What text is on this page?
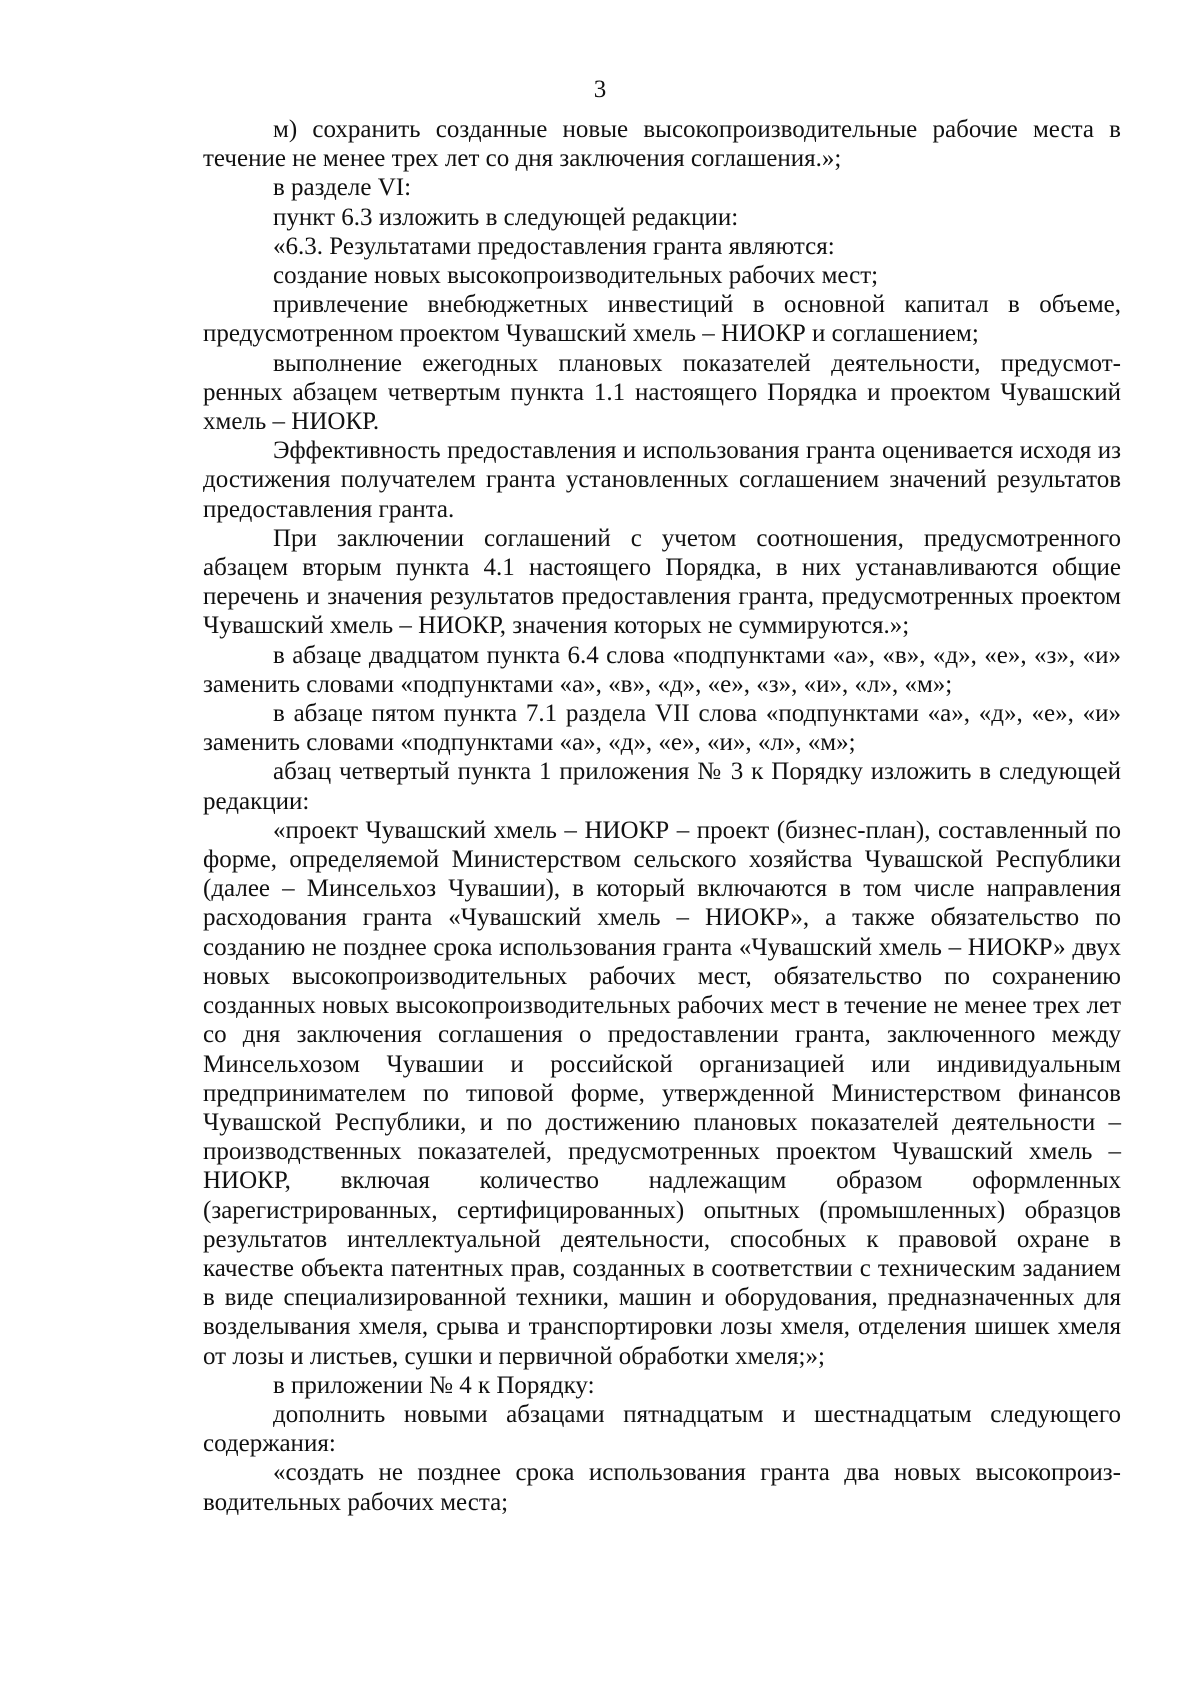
3

м) сохранить созданные новые высокопроизводительные рабочие места в течение не менее трех лет со дня заключения соглашения.»;

в разделе VI:

пункт 6.3 изложить в следующей редакции:

«6.3. Результатами предоставления гранта являются:

создание новых высокопроизводительных рабочих мест;

привлечение внебюджетных инвестиций в основной капитал в объеме, предусмотренном проектом Чувашский хмель – НИОКР и соглашением;

выполнение ежегодных плановых показателей деятельности, предусмотренных абзацем четвертым пункта 1.1 настоящего Порядка и проектом Чувашский хмель – НИОКР.

Эффективность предоставления и использования гранта оценивается исходя из достижения получателем гранта установленных соглашением значений результатов предоставления гранта.

При заключении соглашений с учетом соотношения, предусмотренного абзацем вторым пункта 4.1 настоящего Порядка, в них устанавливаются общие перечень и значения результатов предоставления гранта, предусмотренных проектом Чувашский хмель – НИОКР, значения которых не суммируются.»;

в абзаце двадцатом пункта 6.4 слова «подпунктами «а», «в», «д», «е», «з», «и» заменить словами «подпунктами «а», «в», «д», «е», «з», «и», «л», «м»;

в абзаце пятом пункта 7.1 раздела VII слова «подпунктами «а», «д», «е», «и» заменить словами «подпунктами «а», «д», «е», «и», «л», «м»;

абзац четвертый пункта 1 приложения № 3 к Порядку изложить в следующей редакции:

«проект Чувашский хмель – НИОКР – проект (бизнес-план), составленный по форме, определяемой Министерством сельского хозяйства Чувашской Республики (далее – Минсельхоз Чувашии), в который включаются в том числе направления расходования гранта «Чувашский хмель – НИОКР», а также обязательство по созданию не позднее срока использования гранта «Чувашский хмель – НИОКР» двух новых высокопроизводительных рабочих мест, обязательство по сохранению созданных новых высокопроизводительных рабочих мест в течение не менее трех лет со дня заключения соглашения о предоставлении гранта, заключенного между Минсельхозом Чувашии и российской организацией или индивидуальным предпринимателем по типовой форме, утвержденной Министерством финансов Чувашской Республики, и по достижению плановых показателей деятельности – производственных показателей, предусмотренных проектом Чувашский хмель – НИОКР, включая количество надлежащим образом оформленных (зарегистрированных, сертифицированных) опытных (промышленных) образцов результатов интеллектуальной деятельности, способных к правовой охране в качестве объекта патентных прав, созданных в соответствии с техническим заданием в виде специализированной техники, машин и оборудования, предназначенных для возделывания хмеля, срыва и транспортировки лозы хмеля, отделения шишек хмеля от лозы и листьев, сушки и первичной обработки хмеля;»;

в приложении № 4 к Порядку:

дополнить новыми абзацами пятнадцатым и шестнадцатым следующего содержания:

«создать не позднее срока использования гранта два новых высокопроизводительных рабочих места;
